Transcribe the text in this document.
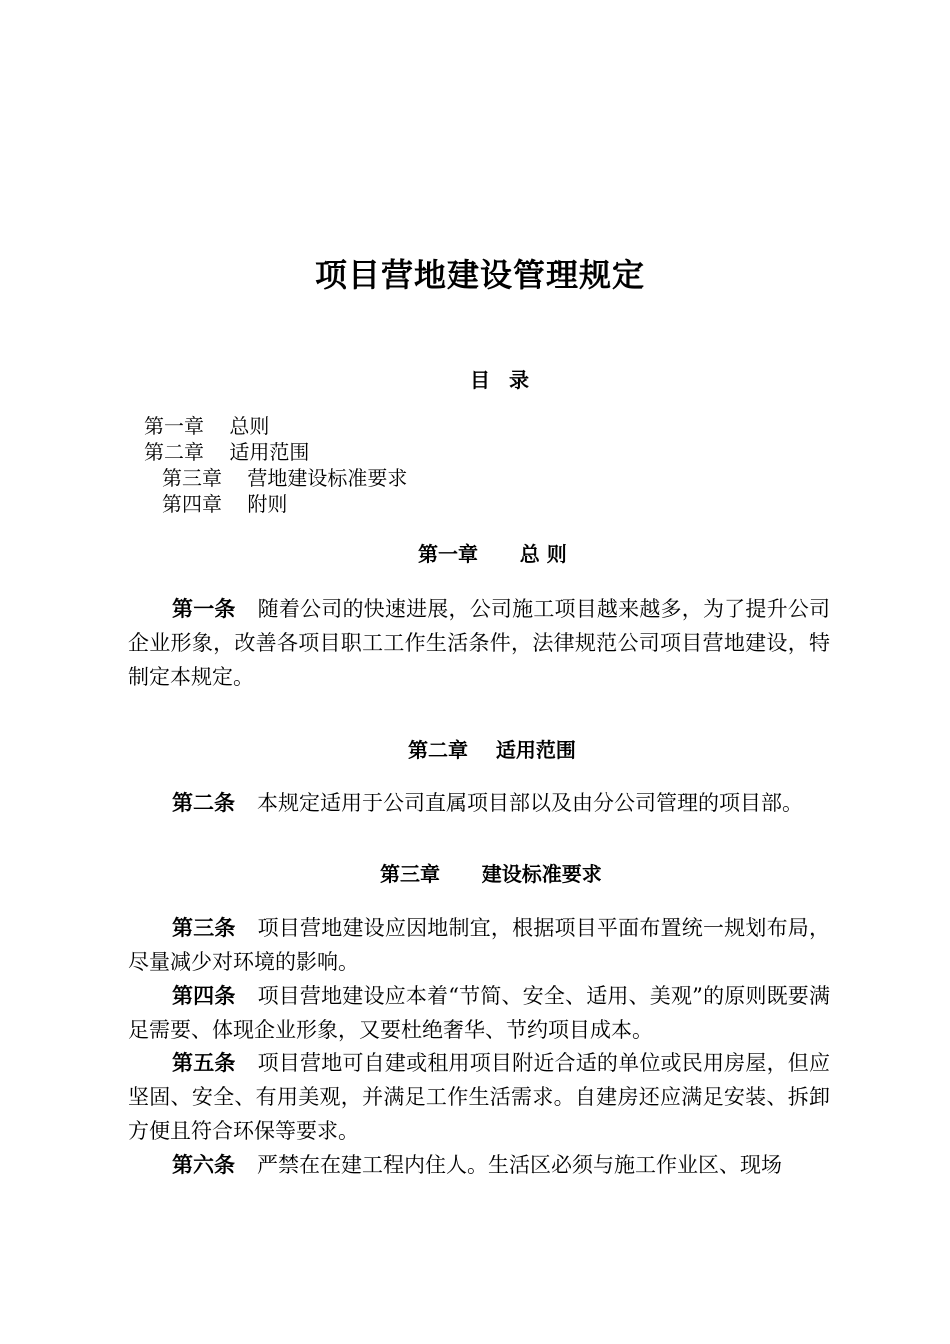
项目营地建设管理规定
目 录
第一章    总则
第二章    适用范围
第三章    营地建设标准要求
第四章    附则
第一章      总 则
第一条 随着公司的快速进展，公司施工项目越来越多，为了提升公司企业形象，改善各项目职工工作生活条件，法律规范公司项目营地建设，特制定本规定。
第二章    适用范围
第二条 本规定适用于公司直属项目部以及由分公司管理的项目部。
第三章      建设标准要求
第三条 项目营地建设应因地制宜，根据项目平面布置统一规划布局，尽量减少对环境的影响。
第四条 项目营地建设应本着“节简、安全、适用、美观”的原则既要满足需要、体现企业形象，又要杜绝奢华、节约项目成本。
第五条 项目营地可自建或租用项目附近合适的单位或民用房屋，但应坚固、安全、有用美观，并满足工作生活需求。自建房还应满足安装、拆卸方便且符合环保等要求。
第六条 严禁在在建工程内住人。生活区必须与施工作业区、现场
